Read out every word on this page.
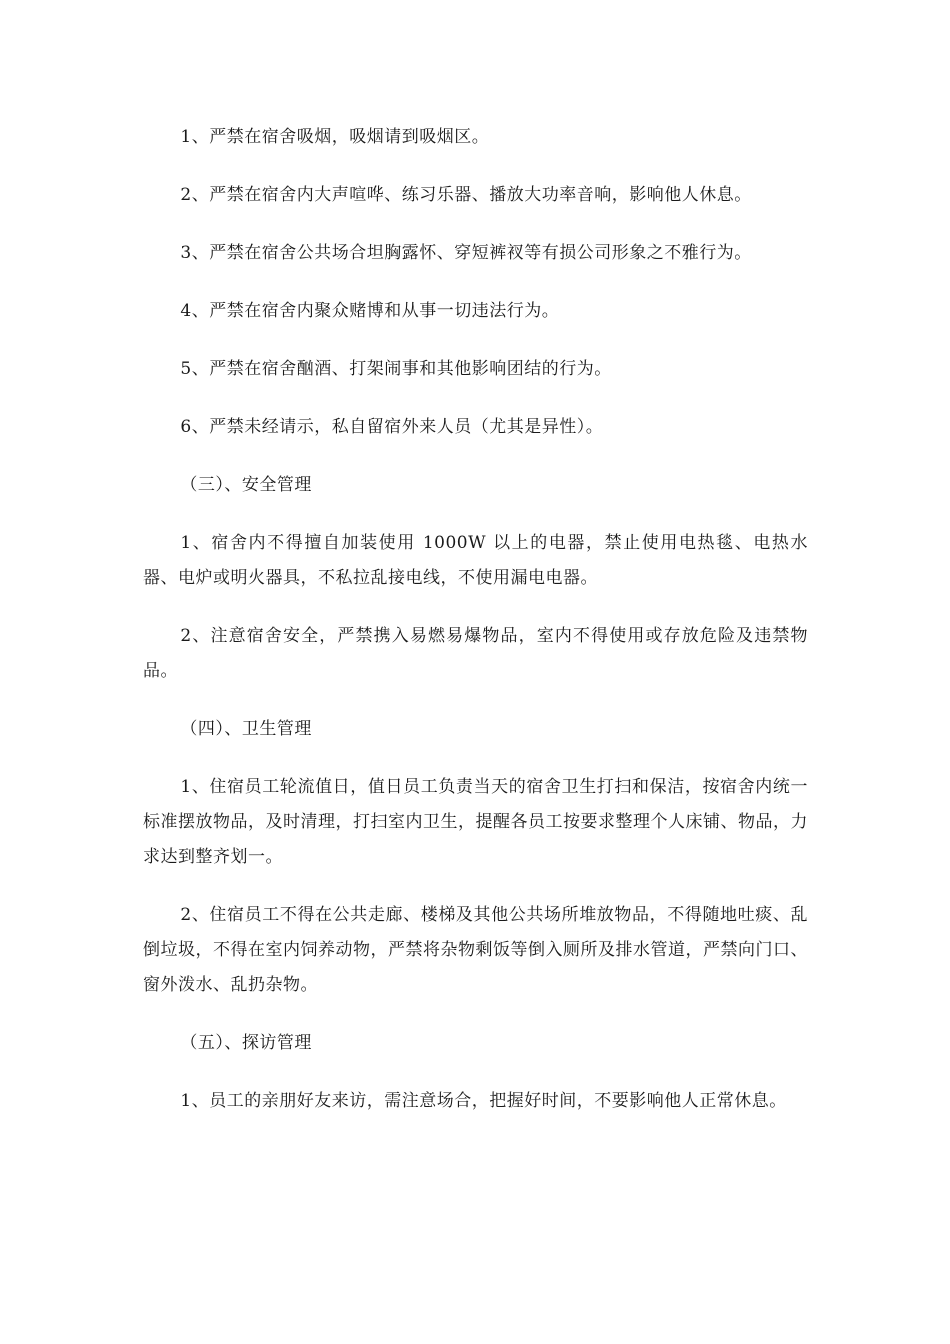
1、严禁在宿舍吸烟，吸烟请到吸烟区。

2、严禁在宿舍内大声喧哗、练习乐器、播放大功率音响，影响他人休息。

3、严禁在宿舍公共场合坦胸露怀、穿短裤衩等有损公司形象之不雅行为。

4、严禁在宿舍内聚众赌博和从事一切违法行为。

5、严禁在宿舍酗酒、打架闹事和其他影响团结的行为。

6、严禁未经请示，私自留宿外来人员（尤其是异性）。

（三）、安全管理

1、宿舍内不得擅自加装使用 1000W 以上的电器，禁止使用电热毯、电热水器、电炉或明火器具，不私拉乱接电线，不使用漏电电器。

2、注意宿舍安全，严禁携入易燃易爆物品，室内不得使用或存放危险及违禁物品。

（四）、卫生管理

1、住宿员工轮流值日，值日员工负责当天的宿舍卫生打扫和保洁，按宿舍内统一标准摆放物品，及时清理，打扫室内卫生，提醒各员工按要求整理个人床铺、物品，力求达到整齐划一。

2、住宿员工不得在公共走廊、楼梯及其他公共场所堆放物品，不得随地吐痰、乱倒垃圾，不得在室内饲养动物，严禁将杂物剩饭等倒入厕所及排水管道，严禁向门口、窗外泼水、乱扔杂物。

（五）、探访管理

1、员工的亲朋好友来访，需注意场合，把握好时间，不要影响他人正常休息。
